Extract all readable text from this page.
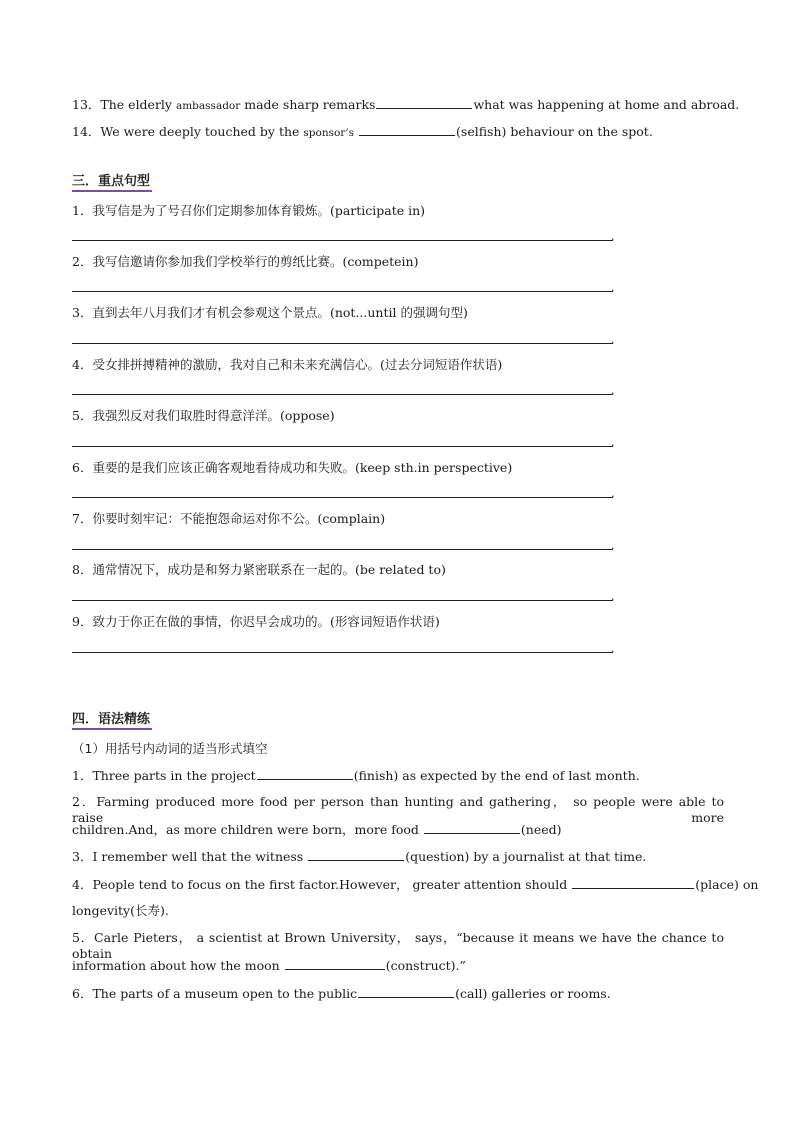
13．The elderly ambassador made sharp remarks	what was happening at home and abroad.
14．We were deeply touched by the sponsor’s	(selfish) behaviour on the spot.
三．重点句型
1．我写信是为了号召你们定期参加体育锻炼。(participate in)
.
2．我写信邀请你参加我们学校举行的剪纸比赛。(competein)
.
3．直到去年八月我们才有机会参观这个景点。(not...until 的强调句型)
.
4．受女排拼搏精神的激励，我对自己和未来充满信心。(过去分词短语作状语)
.
5．我强烈反对我们取胜时得意洋洋。(oppose)
.
6．重要的是我们应该正确客观地看待成功和失败。(keep sth.in perspective)
.
7．你要时刻牢记：不能抱怨命运对你不公。(complain)
.
8．通常情况下，成功是和努力紧密联系在一起的。(be related to)
.
9．致力于你正在做的事情，你迟早会成功的。(形容词短语作状语)
.
四．语法精练
（1）用括号内动词的适当形式填空
1．Three parts in the project	(finish) as expected by the end of last month.
2．Farming produced more food per person than hunting and gathering， so people were able to raise more
children.And，as more children were born，more food	(need)
3．I remember well that the witness	(question) by a journalist at that time.
4．People tend to focus on the first factor.However， greater attention should	(place) on
longevity(长寿).
5．Carle Pieters， a scientist at Brown University， says，“because it means we have the chance to obtain
information about how the moon	(construct).”
6．The parts of a museum open to the public	(call) galleries or rooms.
